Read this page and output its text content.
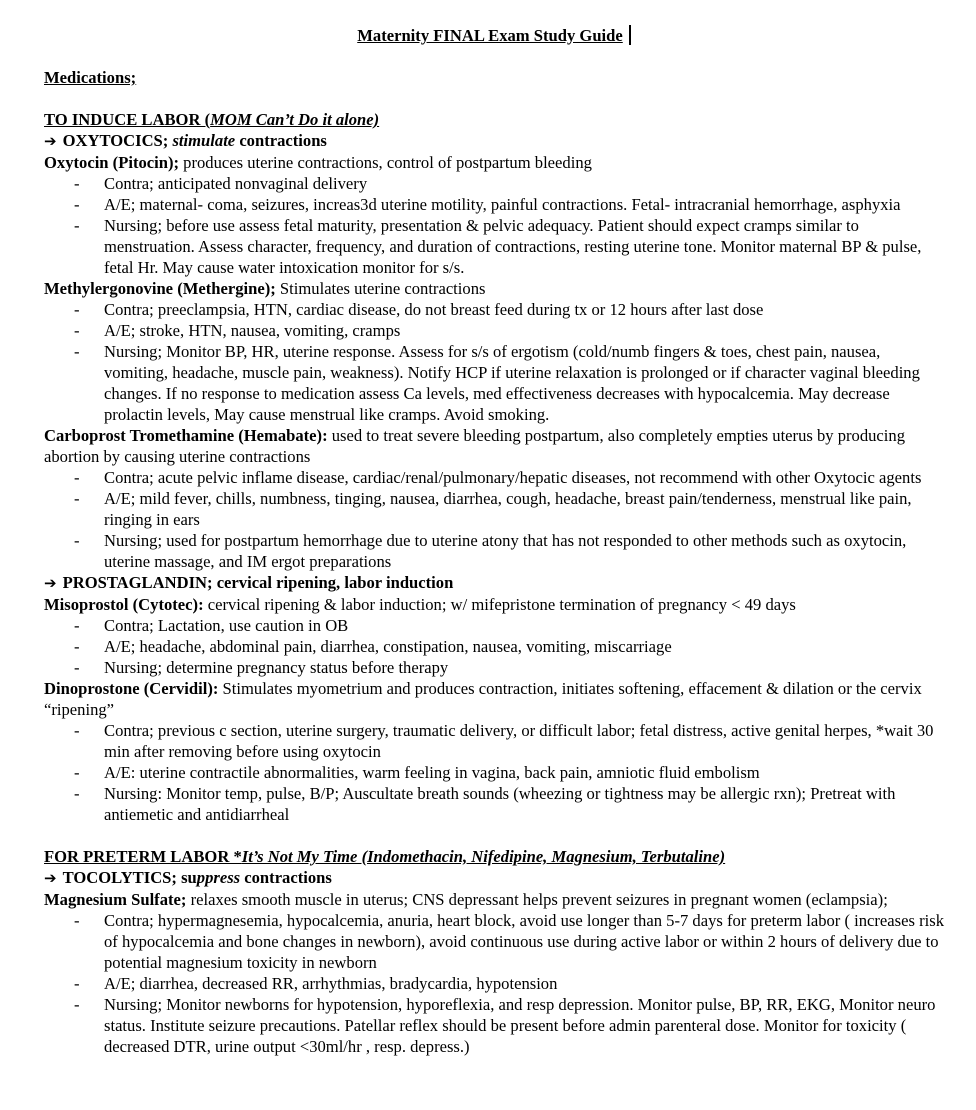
Maternity FINAL Exam Study Guide
Medications;
TO INDUCE LABOR (MOM Can’t Do it alone)
➔ OXYTOCICS; stimulate contractions
Oxytocin (Pitocin); produces uterine contractions, control of postpartum bleeding
- Contra; anticipated nonvaginal delivery
- A/E; maternal- coma, seizures, increas3d uterine motility, painful contractions. Fetal- intracranial hemorrhage, asphyxia
- Nursing; before use assess fetal maturity, presentation & pelvic adequacy. Patient should expect cramps similar to menstruation. Assess character, frequency, and duration of contractions, resting uterine tone. Monitor maternal BP & pulse, fetal Hr. May cause water intoxication monitor for s/s.
Methylergonovine (Methergine); Stimulates uterine contractions
- Contra; preeclampsia, HTN, cardiac disease, do not breast feed during tx or 12 hours after last dose
- A/E; stroke, HTN, nausea, vomiting, cramps
- Nursing; Monitor BP, HR, uterine response. Assess for s/s of ergotism (cold/numb fingers & toes, chest pain, nausea, vomiting, headache, muscle pain, weakness). Notify HCP if uterine relaxation is prolonged or if character vaginal bleeding changes. If no response to medication assess Ca levels, med effectiveness decreases with hypocalcemia. May decrease prolactin levels, May cause menstrual like cramps. Avoid smoking.
Carboprost Tromethamine (Hemabate): used to treat severe bleeding postpartum, also completely empties uterus by producing abortion by causing uterine contractions
- Contra; acute pelvic inflame disease, cardiac/renal/pulmonary/hepatic diseases, not recommend with other Oxytocic agents
- A/E; mild fever, chills, numbness, tinging, nausea, diarrhea, cough, headache, breast pain/tenderness, menstrual like pain, ringing in ears
- Nursing; used for postpartum hemorrhage due to uterine atony that has not responded to other methods such as oxytocin, uterine massage, and IM ergot preparations
➔ PROSTAGLANDIN; cervical ripening, labor induction
Misoprostol (Cytotec): cervical ripening & labor induction; w/ mifepristone termination of pregnancy < 49 days
- Contra; Lactation, use caution in OB
- A/E; headache, abdominal pain, diarrhea, constipation, nausea, vomiting, miscarriage
- Nursing; determine pregnancy status before therapy
Dinoprostone (Cervidil): Stimulates myometrium and produces contraction, initiates softening, effacement & dilation or the cervix “ripening”
- Contra; previous c section, uterine surgery, traumatic delivery, or difficult labor; fetal distress, active genital herpes, *wait 30 min after removing before using oxytocin
- A/E: uterine contractile abnormalities, warm feeling in vagina, back pain, amniotic fluid embolism
- Nursing: Monitor temp, pulse, B/P; Auscultate breath sounds (wheezing or tightness may be allergic rxn); Pretreat with antiemetic and antidiarrheal
FOR PRETERM LABOR *It’s Not My Time (Indomethacin, Nifedipine, Magnesium, Terbutaline)
➔ TOCOLYTICS; suppress contractions
Magnesium Sulfate; relaxes smooth muscle in uterus; CNS depressant helps prevent seizures in pregnant women (eclampsia);
- Contra; hypermagnesemia, hypocalcemia, anuria, heart block, avoid use longer than 5-7 days for preterm labor ( increases risk of hypocalcemia and bone changes in newborn), avoid continuous use during active labor or within 2 hours of delivery due to potential magnesium toxicity in newborn
- A/E; diarrhea, decreased RR, arrhythmias, bradycardia, hypotension
- Nursing; Monitor newborns for hypotension, hyporeflexia, and resp depression. Monitor pulse, BP, RR, EKG, Monitor neuro status. Institute seizure precautions. Patellar reflex should be present before admin parenteral dose. Monitor for toxicity ( decreased DTR, urine output <30ml/hr , resp. depress.)
